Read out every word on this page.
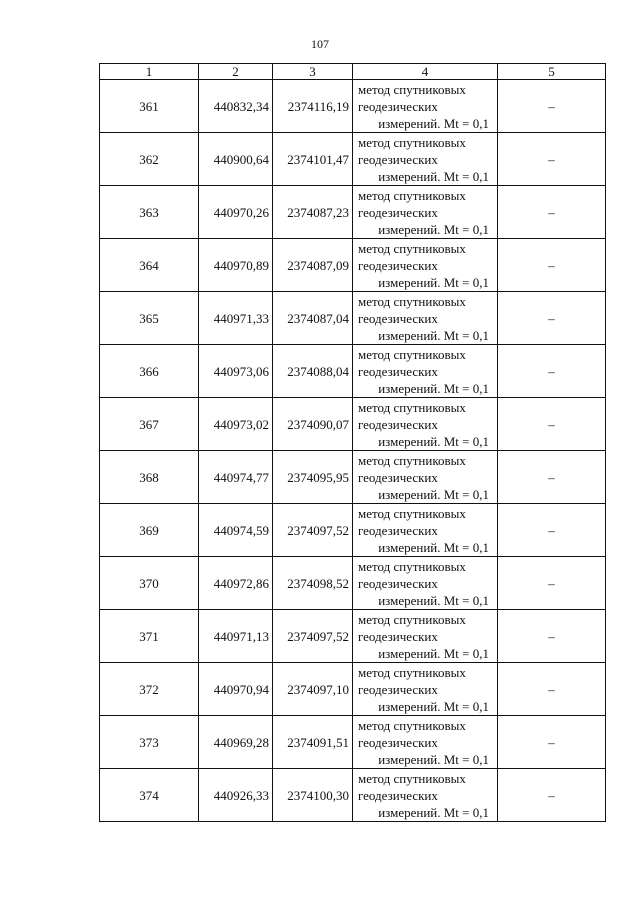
107
1	2	3	4	5
361	440832,34	2374116,19	метод спутниковых
геодезических
измерений. Mt = 0,1	–
362	440900,64	2374101,47	метод спутниковых
геодезических
измерений. Mt = 0,1	–
363	440970,26	2374087,23	метод спутниковых
геодезических
измерений. Mt = 0,1	–
364	440970,89	2374087,09	метод спутниковых
геодезических
измерений. Mt = 0,1	–
365	440971,33	2374087,04	метод спутниковых
геодезических
измерений. Mt = 0,1	–
366	440973,06	2374088,04	метод спутниковых
геодезических
измерений. Mt = 0,1	–
367	440973,02	2374090,07	метод спутниковых
геодезических
измерений. Mt = 0,1	–
368	440974,77	2374095,95	метод спутниковых
геодезических
измерений. Mt = 0,1	–
369	440974,59	2374097,52	метод спутниковых
геодезических
измерений. Mt = 0,1	–
370	440972,86	2374098,52	метод спутниковых
геодезических
измерений. Mt = 0,1	–
371	440971,13	2374097,52	метод спутниковых
геодезических
измерений. Mt = 0,1	–
372	440970,94	2374097,10	метод спутниковых
геодезических
измерений. Mt = 0,1	–
373	440969,28	2374091,51	метод спутниковых
геодезических
измерений. Mt = 0,1	–
374	440926,33	2374100,30	метод спутниковых
геодезических
измерений. Mt = 0,1	–
